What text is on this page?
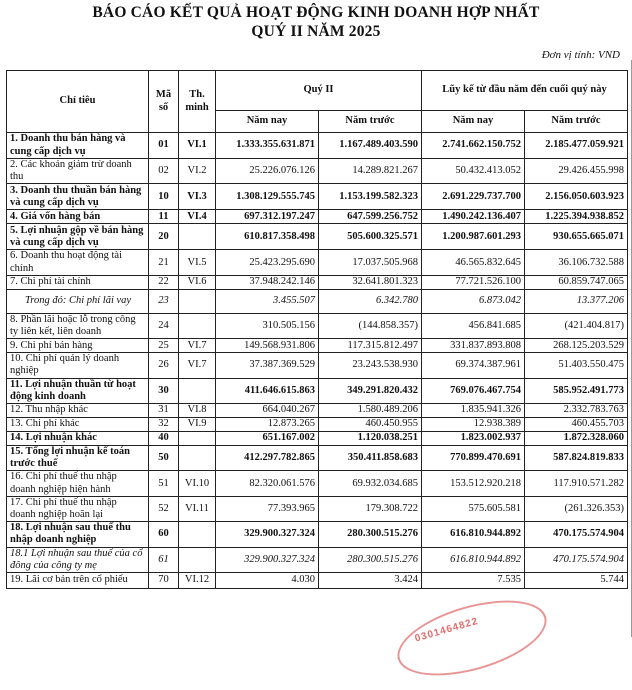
BÁO CÁO KẾT QUẢ HOẠT ĐỘNG KINH DOANH HỢP NHẤT
QUÝ II NĂM 2025
Đơn vị tính: VND
Chỉ tiêu	Mã số	Th. minh	Quý II		Lũy kế từ đầu năm đến cuối quý này	
			Năm nay	Năm trước	Năm nay	Năm trước
1. Doanh thu bán hàng và cung cấp dịch vụ	01	VI.1	1.333.355.631.871	1.167.489.403.590	2.741.662.150.752	2.185.477.059.921
2. Các khoản giảm trừ doanh thu	02	VI.2	25.226.076.126	14.289.821.267	50.432.413.052	29.426.455.998
3. Doanh thu thuần bán hàng và cung cấp dịch vụ	10	VI.3	1.308.129.555.745	1.153.199.582.323	2.691.229.737.700	2.156.050.603.923
4. Giá vốn hàng bán	11	VI.4	697.312.197.247	647.599.256.752	1.490.242.136.407	1.225.394.938.852
5. Lợi nhuận gộp về bán hàng và cung cấp dịch vụ	20		610.817.358.498	505.600.325.571	1.200.987.601.293	930.655.665.071
6. Doanh thu hoạt động tài chính	21	VI.5	25.423.295.690	17.037.505.968	46.565.832.645	36.106.732.588
7. Chi phí tài chính	22	VI.6	37.948.242.146	32.641.801.323	77.721.526.100	60.859.747.065
Trong đó: Chi phí lãi vay	23		3.455.507	6.342.780	6.873.042	13.377.206
8. Phần lãi hoặc lỗ trong công ty liên kết, liên doanh	24		310.505.156	(144.858.357)	456.841.685	(421.404.817)
9. Chi phí bán hàng	25	VI.7	149.568.931.806	117.315.812.497	331.837.893.808	268.125.203.529
10. Chi phí quản lý doanh nghiệp	26	VI.7	37.387.369.529	23.243.538.930	69.374.387.961	51.403.550.475
11. Lợi nhuận thuần từ hoạt động kinh doanh	30		411.646.615.863	349.291.820.432	769.076.467.754	585.952.491.773
12. Thu nhập khác	31	VI.8	664.040.267	1.580.489.206	1.835.941.326	2.332.783.763
13. Chi phí khác	32	VI.9	12.873.265	460.450.955	12.938.389	460.455.703
14. Lợi nhuận khác	40		651.167.002	1.120.038.251	1.823.002.937	1.872.328.060
15. Tổng lợi nhuận kế toán trước thuế	50		412.297.782.865	350.411.858.683	770.899.470.691	587.824.819.833
16. Chi phí thuế thu nhập doanh nghiệp hiện hành	51	VI.10	82.320.061.576	69.932.034.685	153.512.920.218	117.910.571.282
17. Chi phí thuế thu nhập doanh nghiệp hoãn lại	52	VI.11	77.393.965	179.308.722	575.605.581	(261.326.353)
18. Lợi nhuận sau thuế thu nhập doanh nghiệp	60		329.900.327.324	280.300.515.276	616.810.944.892	470.175.574.904
18.1 Lợi nhuận sau thuế của cổ đông của công ty mẹ	61		329.900.327.324	280.300.515.276	616.810.944.892	470.175.574.904
19. Lãi cơ bản trên cổ phiếu	70	VI.12	4.030	3.424	7.535	5.744
0301464822
